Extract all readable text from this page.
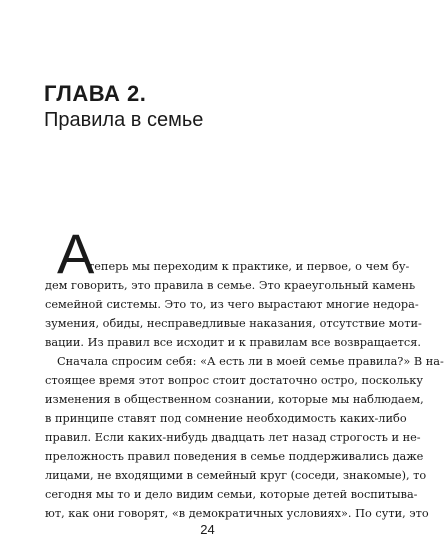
ГЛАВА 2.
Правила в семье
А
теперь мы переходим к практике, и первое, о чем бу-
дем говорить, это правила в семье. Это краеугольный камень
семейной системы. Это то, из чего вырастают многие недора-
зумения, обиды, несправедливые наказания, отсутствие моти-
вации. Из правил все исходит и к правилам все возвращается.
Сначала спросим себя: «А есть ли в моей семье правила?» В на-
стоящее время этот вопрос стоит достаточно остро, поскольку
изменения в общественном сознании, которые мы наблюдаем,
в принципе ставят под сомнение необходимость каких-либо
правил. Если каких-нибудь двадцать лет назад строгость и не-
преложность правил поведения в семье поддерживались даже
лицами, не входящими в семейный круг (соседи, знакомые), то
сегодня мы то и дело видим семьи, которые детей воспитыва-
ют, как они говорят, «в демократичных условиях». По сути, это
24
